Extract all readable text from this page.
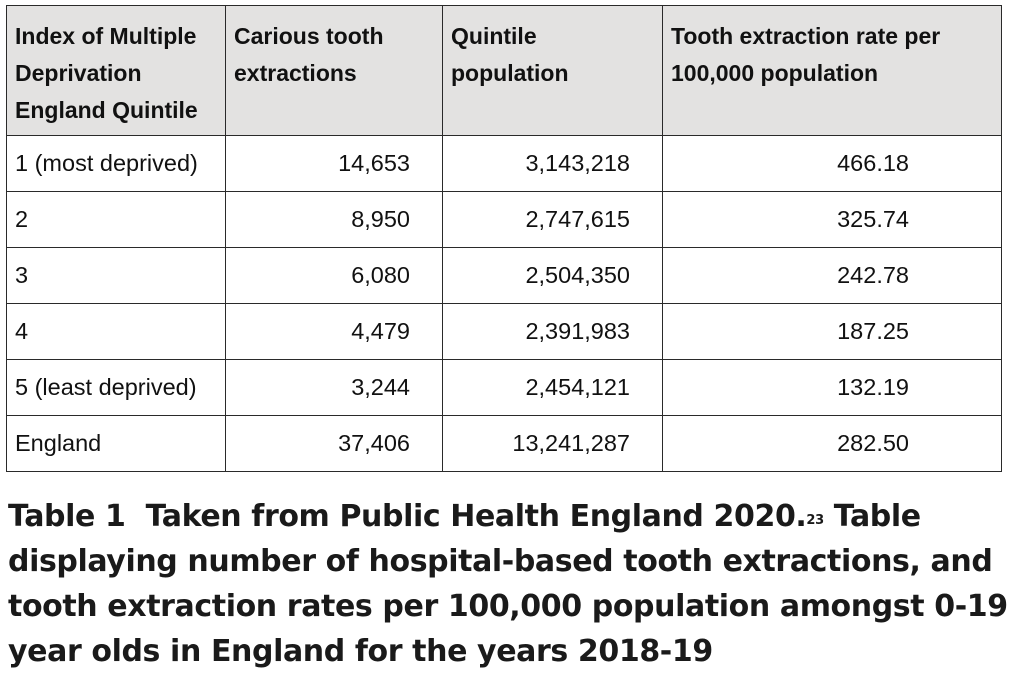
Index of Multiple Deprivation England Quintile	Carious tooth extractions	Quintile population	Tooth extraction rate per 100,000 population
1 (most deprived)	14,653	3,143,218	466.18
2	8,950	2,747,615	325.74
3	6,080	2,504,350	242.78
4	4,479	2,391,983	187.25
5 (least deprived)	3,244	2,454,121	132.19
England	37,406	13,241,287	282.50

Table 1 Taken from Public Health England 2020.23 Table displaying number of hospital-based tooth extractions, and tooth extraction rates per 100,000 population amongst 0-19 year olds in England for the years 2018-19
